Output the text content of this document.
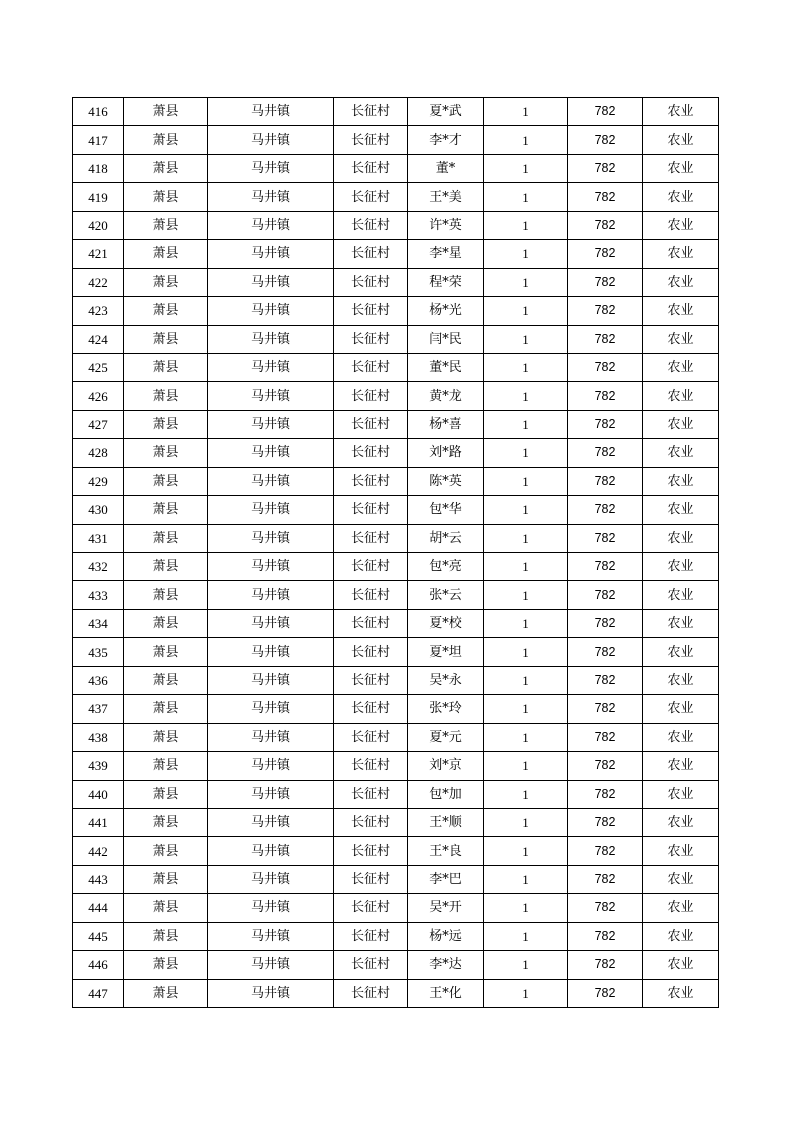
416	萧县	马井镇	长征村	夏*武	1	782	农业
417	萧县	马井镇	长征村	李*才	1	782	农业
418	萧县	马井镇	长征村	董*	1	782	农业
419	萧县	马井镇	长征村	王*美	1	782	农业
420	萧县	马井镇	长征村	许*英	1	782	农业
421	萧县	马井镇	长征村	李*星	1	782	农业
422	萧县	马井镇	长征村	程*荣	1	782	农业
423	萧县	马井镇	长征村	杨*光	1	782	农业
424	萧县	马井镇	长征村	闫*民	1	782	农业
425	萧县	马井镇	长征村	董*民	1	782	农业
426	萧县	马井镇	长征村	黄*龙	1	782	农业
427	萧县	马井镇	长征村	杨*喜	1	782	农业
428	萧县	马井镇	长征村	刘*路	1	782	农业
429	萧县	马井镇	长征村	陈*英	1	782	农业
430	萧县	马井镇	长征村	包*华	1	782	农业
431	萧县	马井镇	长征村	胡*云	1	782	农业
432	萧县	马井镇	长征村	包*亮	1	782	农业
433	萧县	马井镇	长征村	张*云	1	782	农业
434	萧县	马井镇	长征村	夏*校	1	782	农业
435	萧县	马井镇	长征村	夏*坦	1	782	农业
436	萧县	马井镇	长征村	吴*永	1	782	农业
437	萧县	马井镇	长征村	张*玲	1	782	农业
438	萧县	马井镇	长征村	夏*元	1	782	农业
439	萧县	马井镇	长征村	刘*京	1	782	农业
440	萧县	马井镇	长征村	包*加	1	782	农业
441	萧县	马井镇	长征村	王*顺	1	782	农业
442	萧县	马井镇	长征村	王*良	1	782	农业
443	萧县	马井镇	长征村	李*巴	1	782	农业
444	萧县	马井镇	长征村	吴*开	1	782	农业
445	萧县	马井镇	长征村	杨*远	1	782	农业
446	萧县	马井镇	长征村	李*达	1	782	农业
447	萧县	马井镇	长征村	王*化	1	782	农业
